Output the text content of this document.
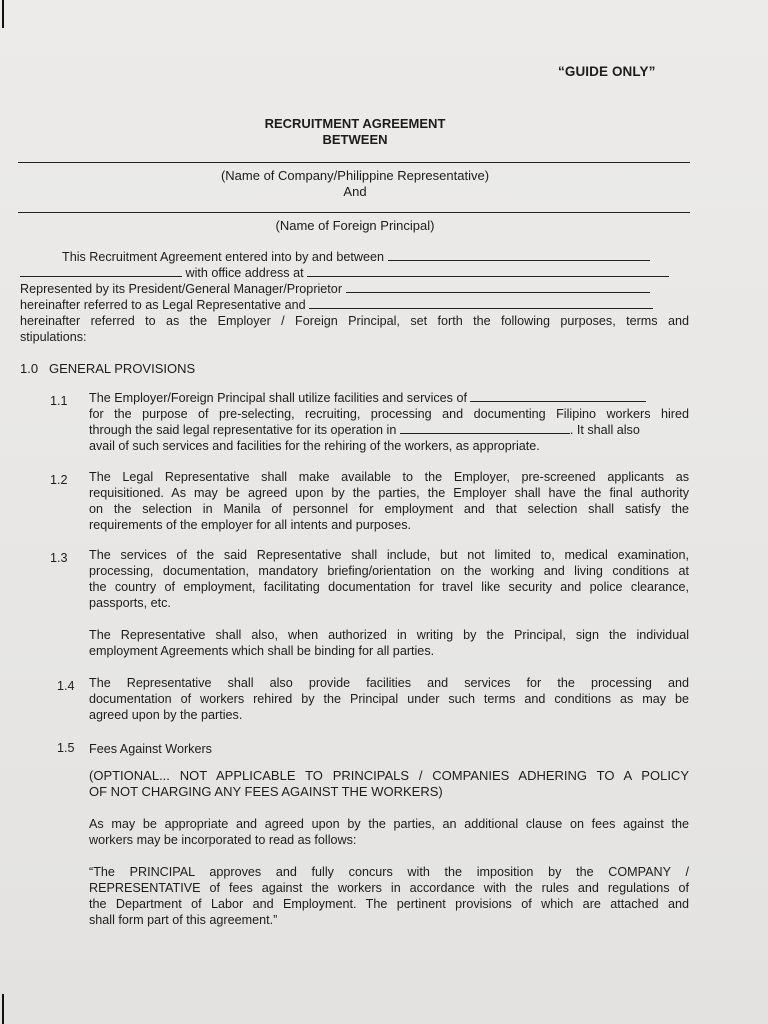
“GUIDE ONLY”
RECRUITMENT AGREEMENT
BETWEEN
(Name of Company/Philippine Representative)
And
(Name of Foreign Principal)
This Recruitment Agreement entered into by and between
with office address at
Represented by its President/General Manager/Proprietor
hereinafter referred to as Legal Representative and
hereinafter referred to as the Employer / Foreign Principal, set forth the following purposes, terms and
stipulations:
1.0 GENERAL PROVISIONS
1.1 The Employer/Foreign Principal shall utilize facilities and services of
for the purpose of pre-selecting, recruiting, processing and documenting Filipino workers hired
through the said legal representative for its operation in	. It shall also
avail of such services and facilities for the rehiring of the workers, as appropriate.
1.2 The Legal Representative shall make available to the Employer, pre-screened applicants as
requisitioned. As may be agreed upon by the parties, the Employer shall have the final authority
on the selection in Manila of personnel for employment and that selection shall satisfy the
requirements of the employer for all intents and purposes.
1.3 The services of the said Representative shall include, but not limited to, medical examination,
processing, documentation, mandatory briefing/orientation on the working and living conditions at
the country of employment, facilitating documentation for travel like security and police clearance,
passports, etc.
The Representative shall also, when authorized in writing by the Principal, sign the individual
employment Agreements which shall be binding for all parties.
1.4 The Representative shall also provide facilities and services for the processing and
documentation of workers rehired by the Principal under such terms and conditions as may be
agreed upon by the parties.
1.5 Fees Against Workers
(OPTIONAL... NOT APPLICABLE TO PRINCIPALS / COMPANIES ADHERING TO A POLICY
OF NOT CHARGING ANY FEES AGAINST THE WORKERS)
As may be appropriate and agreed upon by the parties, an additional clause on fees against the
workers may be incorporated to read as follows:
“The PRINCIPAL approves and fully concurs with the imposition by the COMPANY /
REPRESENTATIVE of fees against the workers in accordance with the rules and regulations of
the Department of Labor and Employment. The pertinent provisions of which are attached and
shall form part of this agreement.”
